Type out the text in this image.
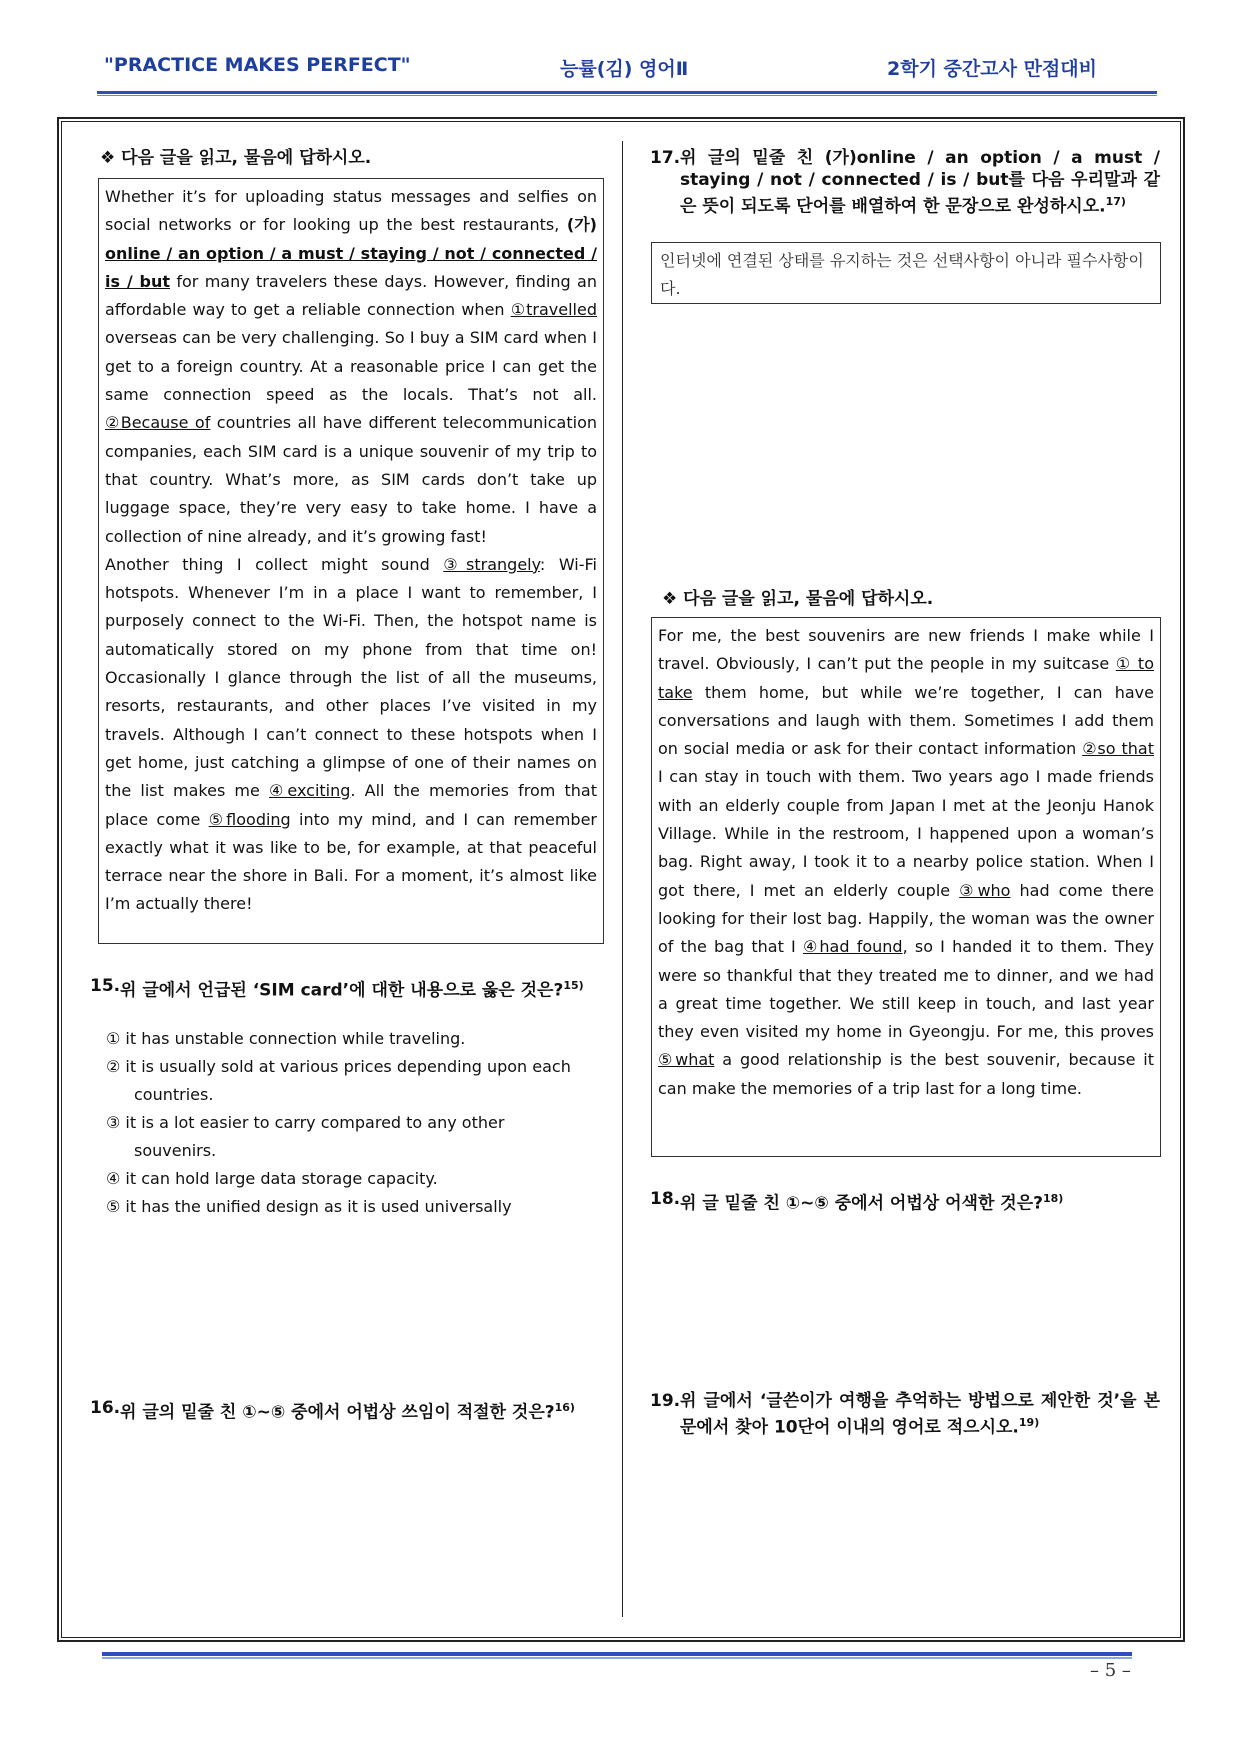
"PRACTICE MAKES PERFECT"	능률(김) 영어Ⅱ	2학기 중간고사 만점대비
❖ 다음 글을 읽고, 물음에 답하시오.
Whether it’s for uploading status messages and selfies on social networks or for looking up the best restaurants, (가) online / an option / a must / staying / not / connected / is / but for many travelers these days. However, finding an affordable way to get a reliable connection when ①travelled overseas can be very challenging. So I buy a SIM card when I get to a foreign country. At a reasonable price I can get the same connection speed as the locals. That’s not all. ②Because of countries all have different telecommunication companies, each SIM card is a unique souvenir of my trip to that country. What’s more, as SIM cards don’t take up luggage space, they’re very easy to take home. I have a collection of nine already, and it’s growing fast!
Another thing I collect might sound ③strangely: Wi-Fi hotspots. Whenever I’m in a place I want to remember, I purposely connect to the Wi-Fi. Then, the hotspot name is automatically stored on my phone from that time on! Occasionally I glance through the list of all the museums, resorts, restaurants, and other places I’ve visited in my travels. Although I can’t connect to these hotspots when I get home, just catching a glimpse of one of their names on the list makes me ④exciting. All the memories from that place come ⑤flooding into my mind, and I can remember exactly what it was like to be, for example, at that peaceful terrace near the shore in Bali. For a moment, it’s almost like I’m actually there!
15. 위 글에서 언급된 ‘SIM card’에 대한 내용으로 옳은 것은?$^{15)}$
① it has unstable connection while traveling.
② it is usually sold at various prices depending upon each countries.
③ it is a lot easier to carry compared to any other souvenirs.
④ it can hold large data storage capacity.
⑤ it has the unified design as it is used universally
16. 위 글의 밑줄 친 ①~⑤ 중에서 어법상 쓰임이 적절한 것은?$^{16)}$
17. 위 글의 밑줄 친 (가)online / an option / a must / staying / not / connected / is / but를 다음 우리말과 같은 뜻이 되도록 단어를 배열하여 한 문장으로 완성하시오.$^{17)}$
인터넷에 연결된 상태를 유지하는 것은 선택사항이 아니라 필수사항이다.
❖ 다음 글을 읽고, 물음에 답하시오.
For me, the best souvenirs are new friends I make while I travel. Obviously, I can’t put the people in my suitcase ① to take them home, but while we’re together, I can have conversations and laugh with them. Sometimes I add them on social media or ask for their contact information ②so that I can stay in touch with them. Two years ago I made friends with an elderly couple from Japan I met at the Jeonju Hanok Village. While in the restroom, I happened upon a woman’s bag. Right away, I took it to a nearby police station. When I got there, I met an elderly couple ③who had come there looking for their lost bag. Happily, the woman was the owner of the bag that I ④had found, so I handed it to them. They were so thankful that they treated me to dinner, and we had a great time together. We still keep in touch, and last year they even visited my home in Gyeongju. For me, this proves ⑤what a good relationship is the best souvenir, because it can make the memories of a trip last for a long time.
18. 위 글 밑줄 친 ①~⑤ 중에서 어법상 어색한 것은?$^{18)}$
19. 위 글에서 ‘글쓴이가 여행을 추억하는 방법으로 제안한 것’을 본문에서 찾아 10단어 이내의 영어로 적으시오.$^{19)}$
– 5 –
